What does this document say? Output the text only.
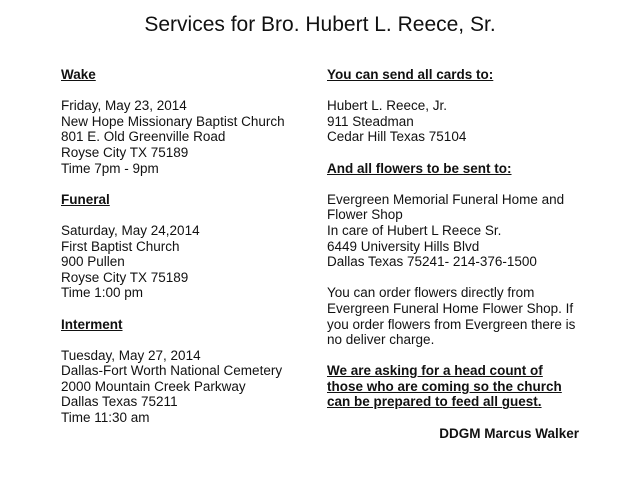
Services for Bro. Hubert L. Reece, Sr.
Wake
Friday, May 23, 2014
New Hope Missionary Baptist Church
801 E. Old Greenville Road
Royse City TX 75189
Time 7pm - 9pm
Funeral
Saturday, May 24,2014
First Baptist Church
900 Pullen
Royse City TX 75189
Time 1:00 pm
Interment
Tuesday, May 27, 2014
Dallas-Fort Worth National Cemetery
2000 Mountain Creek Parkway
Dallas Texas 75211
Time 11:30 am
You can send all cards to:
Hubert L. Reece, Jr.
911 Steadman
Cedar Hill Texas 75104
And all flowers to be sent to:
Evergreen Memorial Funeral Home and
Flower Shop
In care of Hubert L Reece Sr.
6449 University Hills Blvd
Dallas Texas 75241- 214-376-1500
You can order flowers directly from
Evergreen Funeral Home Flower Shop. If
you order flowers from Evergreen there is
no deliver charge.
We are asking for a head count of
those who are coming so the church
can be prepared to feed all guest.
DDGM Marcus Walker
